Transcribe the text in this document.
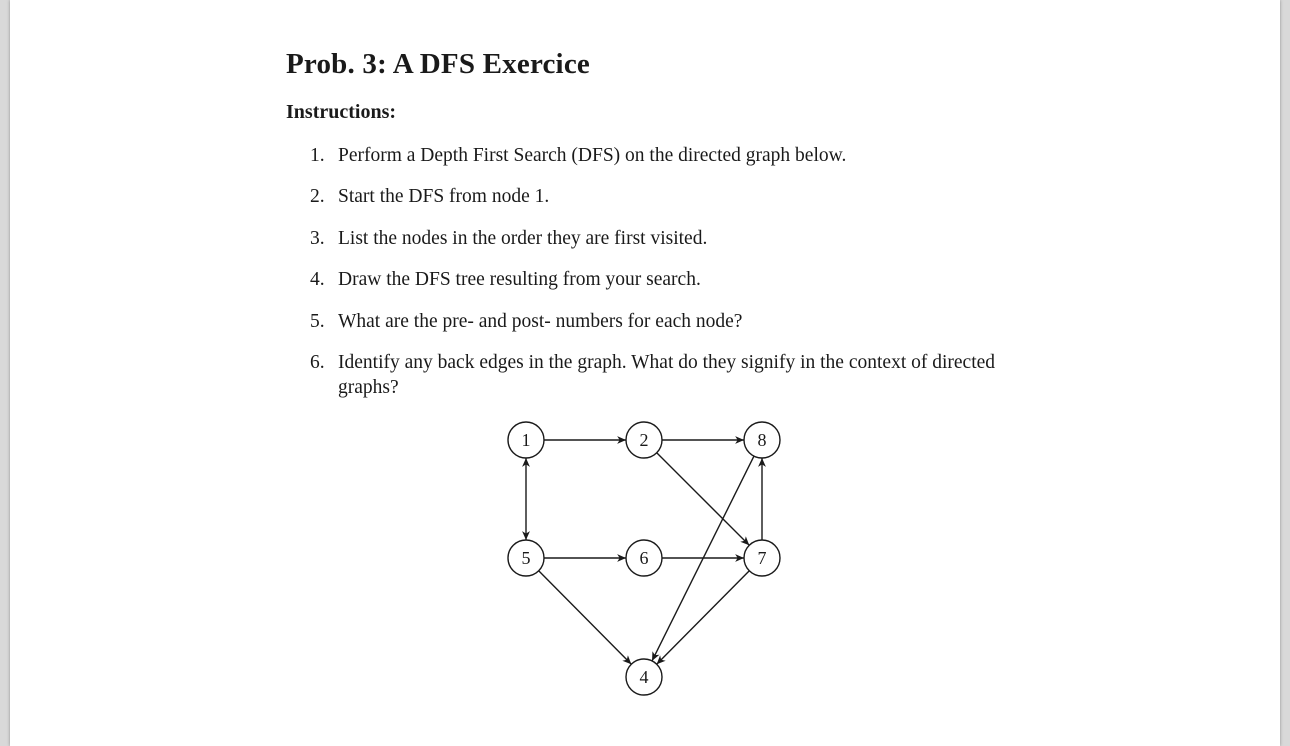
Prob. 3: A DFS Exercice
Instructions:
1. Perform a Depth First Search (DFS) on the directed graph below.
2. Start the DFS from node 1.
3. List the nodes in the order they are first visited.
4. Draw the DFS tree resulting from your search.
5. What are the pre- and post- numbers for each node?
6. Identify any back edges in the graph. What do they signify in the context of directed graphs?
1	2	8
5	6	7
4
